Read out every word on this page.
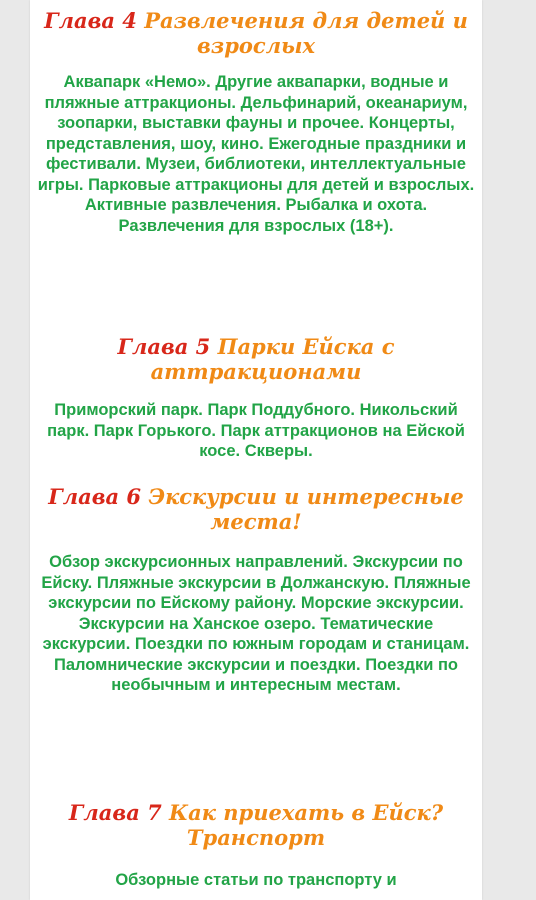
Глава 4 Развлечения для детей и взрослых

Аквапарк «Немо». Другие аквапарки, водные и пляжные аттракционы. Дельфинарий, океанариум, зоопарки, выставки фауны и прочее. Концерты, представления, шоу, кино. Ежегодные праздники и фестивали. Музеи, библиотеки, интеллектуальные игры. Парковые аттракционы для детей и взрослых. Активные развлечения. Рыбалка и охота. Развлечения для взрослых (18+).

Глава 5 Парки Ейска с аттракционами

Приморский парк. Парк Поддубного. Никольский парк. Парк Горького. Парк аттракционов на Ейской косе. Скверы.

Глава 6 Экскурсии и интересные места!

Обзор экскурсионных направлений. Экскурсии по Ейску. Пляжные экскурсии в Должанскую. Пляжные экскурсии по Ейскому району. Морские экскурсии. Экскурсии на Ханское озеро. Тематические экскурсии. Поездки по южным городам и станицам. Паломнические экскурсии и поездки. Поездки по необычным и интересным местам.

Глава 7 Как приехать в Ейск? Транспорт

Обзорные статьи по транспорту и
